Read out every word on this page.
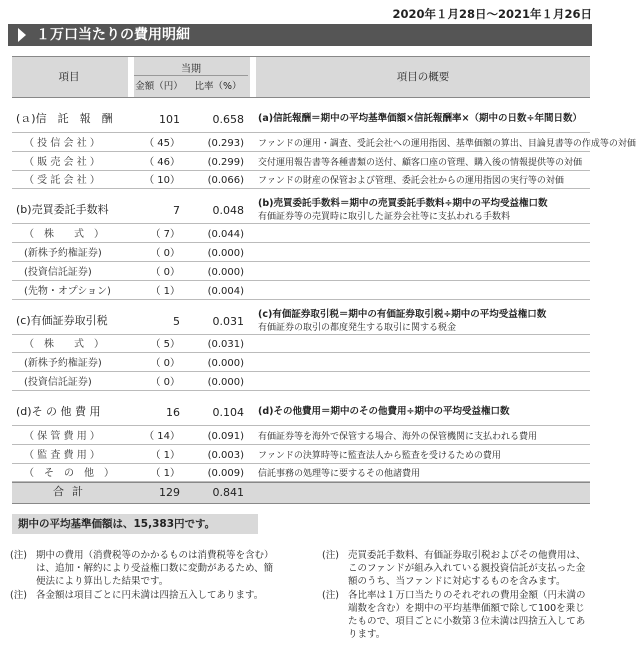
2020年１月28日～2021年１月26日
１万口当たりの費用明細
項目
当期
金額（円）	比率（%）
項目の概要
(ａ)信　託　報　酬	101	0.658 (a)信託報酬＝期中の平均基準価額×信託報酬率×（期中の日数÷年間日数）
（ 投 信 会 社 ）	（ 45）	(0.293) ファンドの運用・調査、受託会社への運用指図、基準価額の算出、目論見書等の作成等の対価
（ 販 売 会 社 ）	（ 46）	(0.299) 交付運用報告書等各種書類の送付、顧客口座の管理、購入後の情報提供等の対価
（ 受 託 会 社 ）	（ 10）	(0.066) ファンドの財産の保管および管理、委託会社からの運用指図の実行等の対価
(b)売買委託手数料	7	0.048
(b)売買委託手数料＝期中の売買委託手数料÷期中の平均受益権口数
有価証券等の売買時に取引した証券会社等に支払われる手数料
（　株　　式　）	（ 7）	(0.044)
(新株予約権証券)	（ 0）	(0.000)
(投資信託証券)	（ 0）	(0.000)
(先物・オプション)	（ 1）	(0.004)
(c)有価証券取引税	5	0.031
(c)有価証券取引税＝期中の有価証券取引税÷期中の平均受益権口数
有価証券の取引の都度発生する取引に関する税金
（　株　　式　）	（ 5）	(0.031)
(新株予約権証券)	（ 0）	(0.000)
(投資信託証券)	（ 0）	(0.000)
(d)そ の 他 費 用	16	0.104 (d)その他費用＝期中のその他費用÷期中の平均受益権口数
（ 保 管 費 用 ）	（ 14）	(0.091) 有価証券等を海外で保管する場合、海外の保管機関に支払われる費用
（ 監 査 費 用 ）	（ 1）	(0.003) ファンドの決算時等に監査法人から監査を受けるための費用
（　そ　の　他　）	（ 1）	(0.009) 信託事務の処理等に要するその他諸費用
合計	129	0.841
期中の平均基準価額は、15,383円です。
(注) 期中の費用（消費税等のかかるものは消費税等を含む）は、追加・解約により受益権口数に変動があるため、簡便法により算出した結果です。
(注) 各金額は項目ごとに円未満は四捨五入してあります。
(注) 売買委託手数料、有価証券取引税およびその他費用は、このファンドが組み入れている親投資信託が支払った金額のうち、当ファンドに対応するものを含みます。
(注) 各比率は１万口当たりのそれぞれの費用金額（円未満の端数を含む）を期中の平均基準価額で除して100を乗じたもので、項目ごとに小数第３位未満は四捨五入してあります。
